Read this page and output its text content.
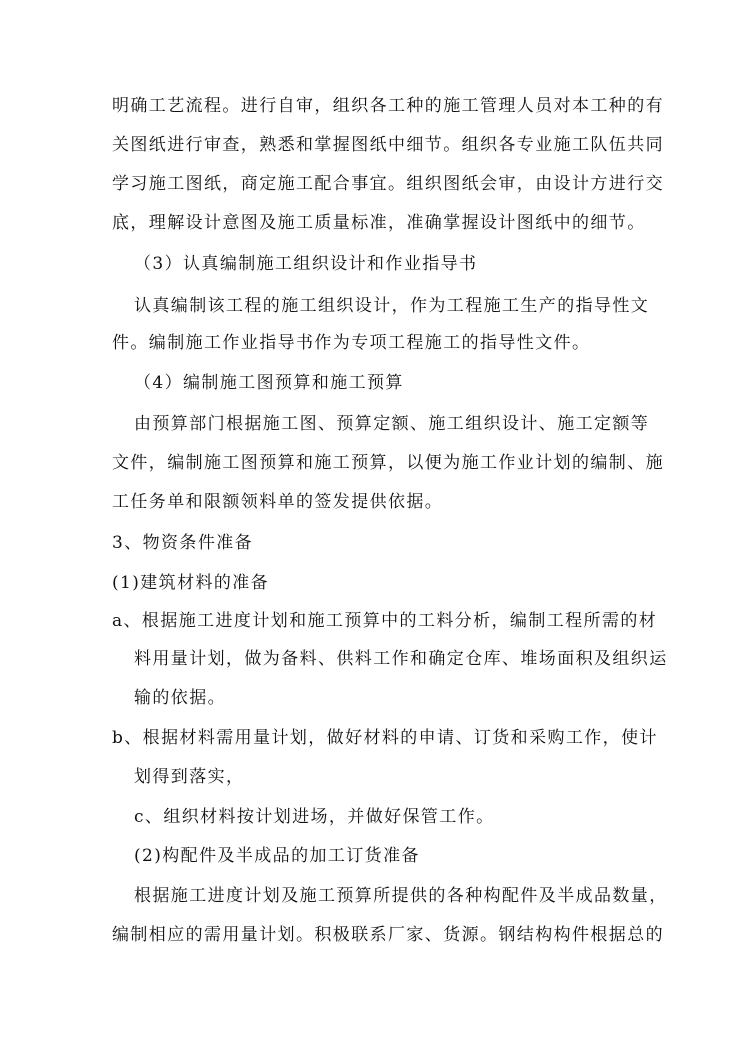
明确工艺流程。进行自审，组织各工种的施工管理人员对本工种的有
关图纸进行审查，熟悉和掌握图纸中细节。组织各专业施工队伍共同
学习施工图纸，商定施工配合事宜。组织图纸会审，由设计方进行交
底，理解设计意图及施工质量标准，准确掌握设计图纸中的细节。
（3）认真编制施工组织设计和作业指导书
认真编制该工程的施工组织设计，作为工程施工生产的指导性文
件。编制施工作业指导书作为专项工程施工的指导性文件。
（4）编制施工图预算和施工预算
由预算部门根据施工图、预算定额、施工组织设计、施工定额等
文件，编制施工图预算和施工预算，以便为施工作业计划的编制、施
工任务单和限额领料单的签发提供依据。
3、物资条件准备
(1)建筑材料的准备
a、根据施工进度计划和施工预算中的工料分析，编制工程所需的材
料用量计划，做为备料、供料工作和确定仓库、堆场面积及组织运
输的依据。
b、根据材料需用量计划，做好材料的申请、订货和采购工作，使计
划得到落实，
c、组织材料按计划进场，并做好保管工作。
(2)构配件及半成品的加工订货准备
根据施工进度计划及施工预算所提供的各种构配件及半成品数量，
编制相应的需用量计划。积极联系厂家、货源。钢结构构件根据总的
